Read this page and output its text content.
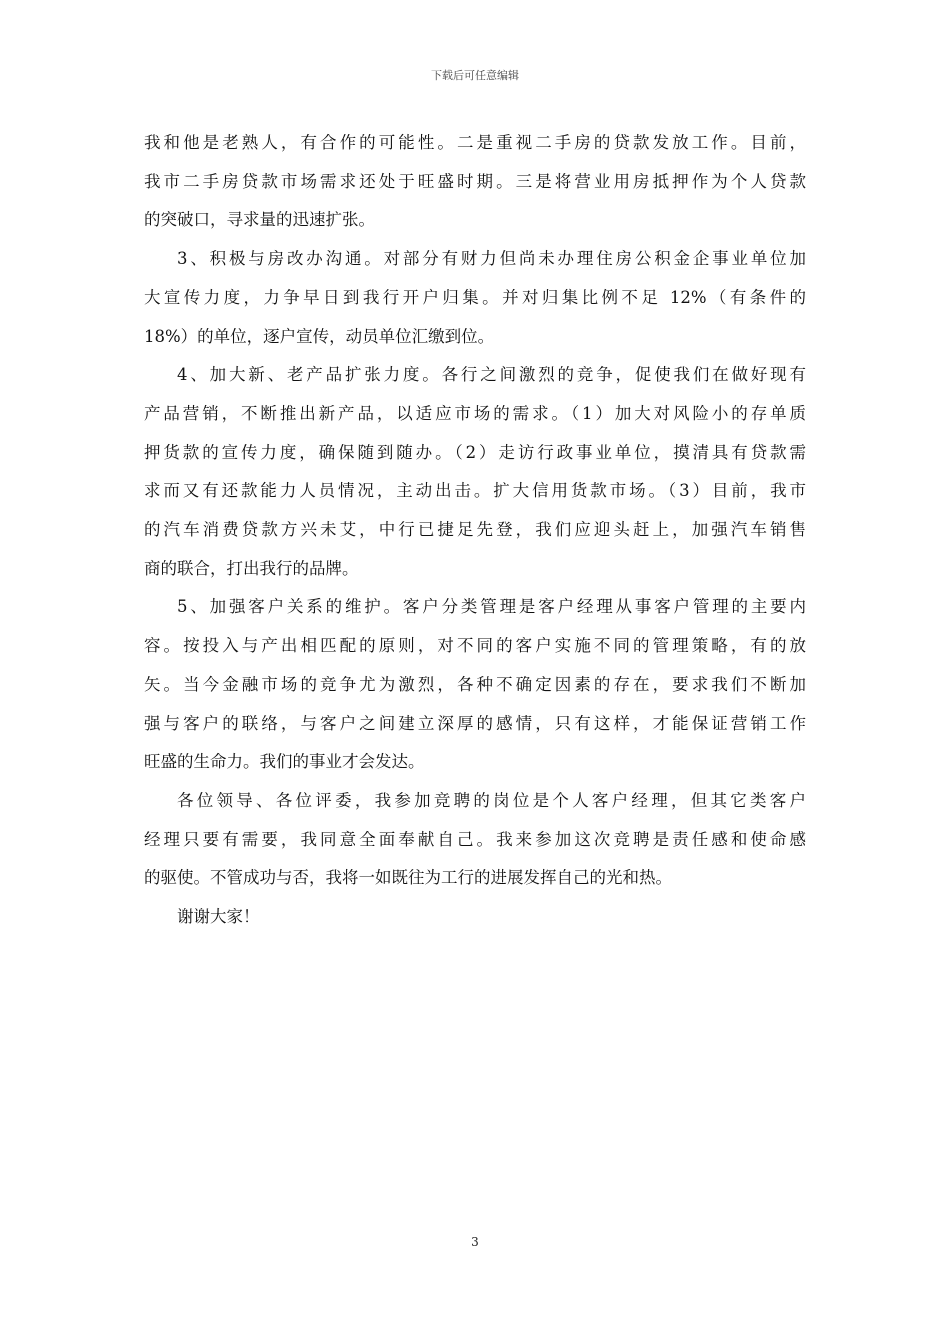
下载后可任意编辑
我和他是老熟人，有合作的可能性。二是重视二手房的贷款发放工作。目前，
我市二手房贷款市场需求还处于旺盛时期。三是将营业用房抵押作为个人贷款
的突破口，寻求量的迅速扩张。
3、积极与房改办沟通。对部分有财力但尚未办理住房公积金企事业单位加
大宣传力度，力争早日到我行开户归集。并对归集比例不足 12%（有条件的
18%）的单位，逐户宣传，动员单位汇缴到位。
4、加大新、老产品扩张力度。各行之间激烈的竞争，促使我们在做好现有
产品营销，不断推出新产品，以适应市场的需求。（1）加大对风险小的存单质
押货款的宣传力度，确保随到随办。（2）走访行政事业单位，摸清具有贷款需
求而又有还款能力人员情况，主动出击。扩大信用货款市场。（3）目前，我市
的汽车消费贷款方兴未艾，中行已捷足先登，我们应迎头赶上，加强汽车销售
商的联合，打出我行的品牌。
5、加强客户关系的维护。客户分类管理是客户经理从事客户管理的主要内
容。按投入与产出相匹配的原则，对不同的客户实施不同的管理策略，有的放
矢。当今金融市场的竞争尤为激烈，各种不确定因素的存在，要求我们不断加
强与客户的联络，与客户之间建立深厚的感情，只有这样，才能保证营销工作
旺盛的生命力。我们的事业才会发达。
各位领导、各位评委，我参加竞聘的岗位是个人客户经理，但其它类客户
经理只要有需要，我同意全面奉献自己。我来参加这次竞聘是责任感和使命感
的驱使。不管成功与否，我将一如既往为工行的进展发挥自己的光和热。
谢谢大家！
3
